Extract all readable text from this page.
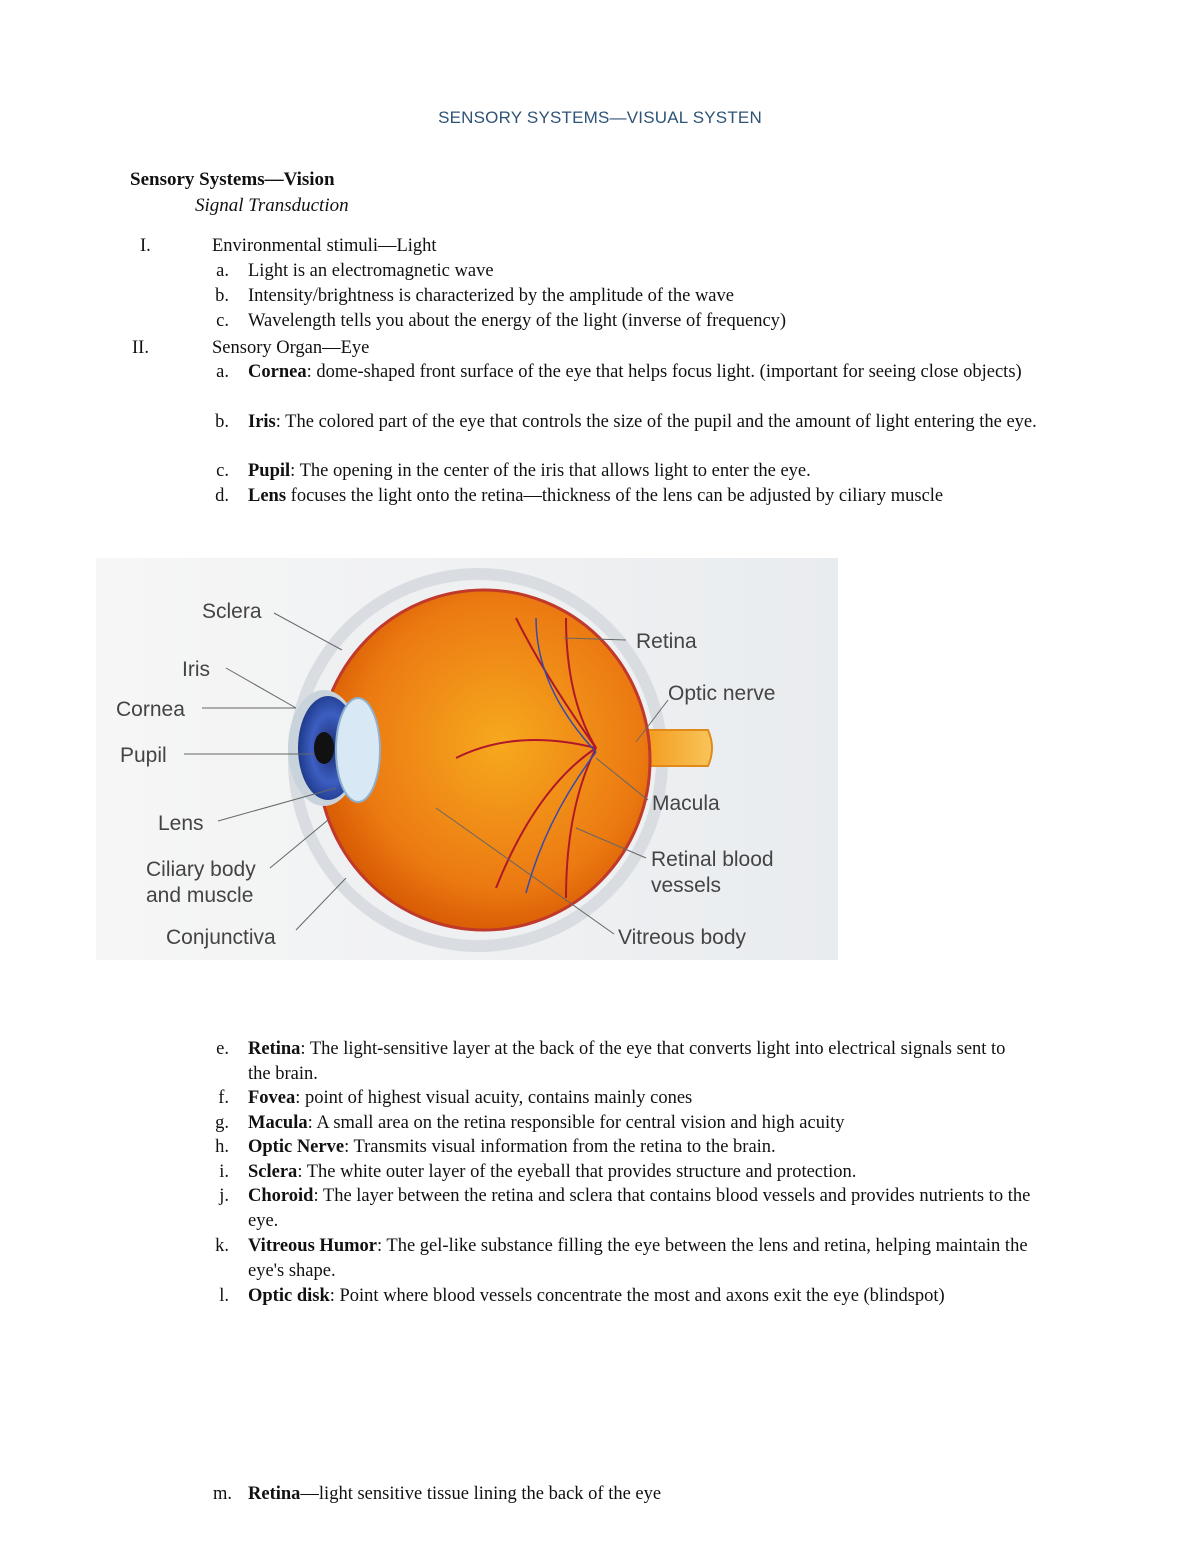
SENSORY SYSTEMS—VISUAL SYSTEN
Sensory Systems—Vision
Signal Transduction
I.	Environmental stimuli—Light
a. Light is an electromagnetic wave
b. Intensity/brightness is characterized by the amplitude of the wave
c. Wavelength tells you about the energy of the light (inverse of frequency)
II.	Sensory Organ—Eye
a. Cornea: dome-shaped front surface of the eye that helps focus light. (important for seeing close objects)
b. Iris: The colored part of the eye that controls the size of the pupil and the amount of light entering the eye.
c. Pupil: The opening in the center of the iris that allows light to enter the eye.
d. Lens focuses the light onto the retina—thickness of the lens can be adjusted by ciliary muscle
Sclera
Iris
Cornea
Pupil
Lens
Ciliary body
and muscle
Conjunctiva
Retina
Optic nerve
Macula
Retinal blood
vessels
Vitreous body
e. Retina: The light-sensitive layer at the back of the eye that converts light into electrical signals sent to the brain.
f. Fovea: point of highest visual acuity, contains mainly cones
g. Macula: A small area on the retina responsible for central vision and high acuity
h. Optic Nerve: Transmits visual information from the retina to the brain.
i. Sclera: The white outer layer of the eyeball that provides structure and protection.
j. Choroid: The layer between the retina and sclera that contains blood vessels and provides nutrients to the eye.
k. Vitreous Humor: The gel-like substance filling the eye between the lens and retina, helping maintain the eye's shape.
l. Optic disk: Point where blood vessels concentrate the most and axons exit the eye (blindspot)
m. Retina—light sensitive tissue lining the back of the eye
